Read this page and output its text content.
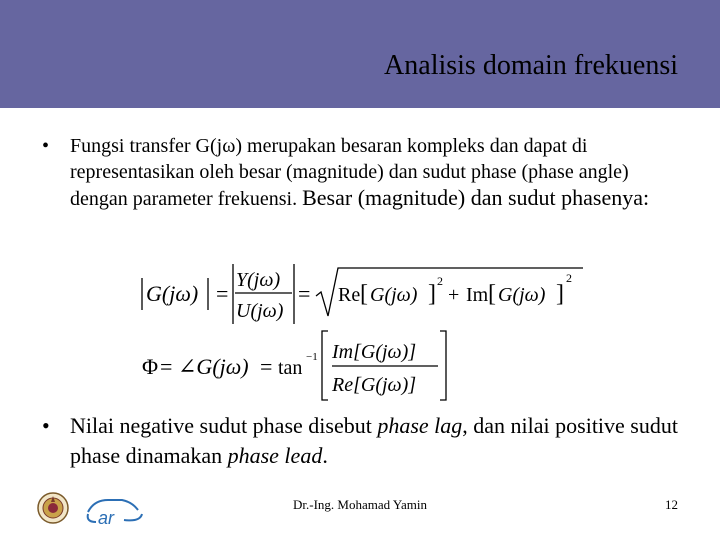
Analisis domain frekuensi
• Fungsi transfer G(jω) merupakan besaran kompleks dan dapat di representasikan oleh besar (magnitude) dan sudut phase (phase angle) dengan parameter frekuensi. Besar (magnitude) dan sudut phasenya:
G(jω) =
Y(jω)
U(jω)
= Re [ G(jω) ] 2
+ Im [ G(jω) ]
2
Φ = ∠G(jω) = tan −1 Im[G(jω)]
Re[G(jω)]
• Nilai negative sudut phase disebut phase lag, dan nilai positive sudut phase dinamakan phase lead.
ar
Dr.-Ing. Mohamad Yamin	12
